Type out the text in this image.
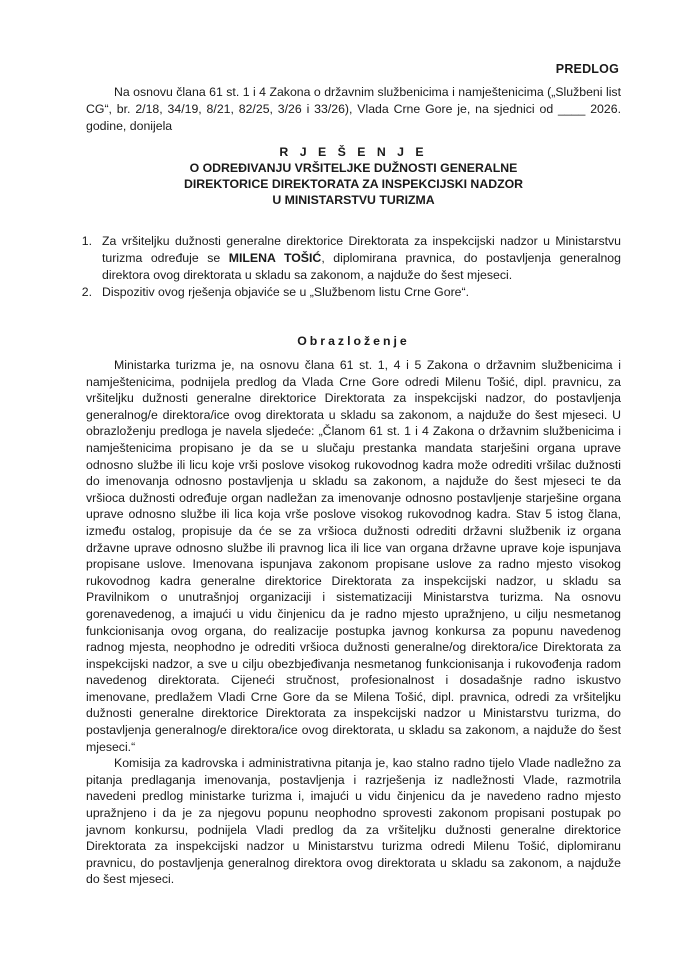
PREDLOG

Na osnovu člana 61 st. 1 i 4 Zakona o državnim službenicima i namještenicima („Službeni list CG“, br. 2/18, 34/19, 8/21, 82/25, 3/26 i 33/26), Vlada Crne Gore je, na sjednici od ____ 2026. godine, donijela

R J E Š E N J E
O ODREĐIVANJU VRŠITELJKE DUŽNOSTI GENERALNE
DIREKTORICE DIREKTORATA ZA INSPEKCIJSKI NADZOR
U MINISTARSTVU TURIZMA
1. Za vršiteljku dužnosti generalne direktorice Direktorata za inspekcijski nadzor u Ministarstvu turizma određuje se MILENA TOŠIĆ, diplomirana pravnica, do postavljenja generalnog direktora ovog direktorata u skladu sa zakonom, a najduže do šest mjeseci.
2. Dispozitiv ovog rješenja objaviće se u „Službenom listu Crne Gore“.
Obrazloženje

Ministarka turizma je, na osnovu člana 61 st. 1, 4 i 5 Zakona o državnim službenicima i namještenicima, podnijela predlog da Vlada Crne Gore odredi Milenu Tošić, dipl. pravnicu, za vršiteljku dužnosti generalne direktorice Direktorata za inspekcijski nadzor, do postavljenja generalnog/e direktora/ice ovog direktorata u skladu sa zakonom, a najduže do šest mjeseci. U obrazloženju predloga je navela sljedeće: „Članom 61 st. 1 i 4 Zakona o državnim službenicima i namještenicima propisano je da se u slučaju prestanka mandata starješini organa uprave odnosno službe ili licu koje vrši poslove visokog rukovodnog kadra može odrediti vršilac dužnosti do imenovanja odnosno postavljenja u skladu sa zakonom, a najduže do šest mjeseci te da vršioca dužnosti određuje organ nadležan za imenovanje odnosno postavljenje starješine organa uprave odnosno službe ili lica koja vrše poslove visokog rukovodnog kadra. Stav 5 istog člana, između ostalog, propisuje da će se za vršioca dužnosti odrediti državni službenik iz organa državne uprave odnosno službe ili pravnog lica ili lice van organa državne uprave koje ispunjava propisane uslove. Imenovana ispunjava zakonom propisane uslove za radno mjesto visokog rukovodnog kadra generalne direktorice Direktorata za inspekcijski nadzor, u skladu sa Pravilnikom o unutrašnjoj organizaciji i sistematizaciji Ministarstva turizma. Na osnovu gorenavedenog, a imajući u vidu činjenicu da je radno mjesto upražnjeno, u cilju nesmetanog funkcionisanja ovog organa, do realizacije postupka javnog konkursa za popunu navedenog radnog mjesta, neophodno je odrediti vršioca dužnosti generalne/og direktora/ice Direktorata za inspekcijski nadzor, a sve u cilju obezbjeđivanja nesmetanog funkcionisanja i rukovođenja radom navedenog direktorata. Cijeneći stručnost, profesionalnost i dosadašnje radno iskustvo imenovane, predlažem Vladi Crne Gore da se Milena Tošić, dipl. pravnica, odredi za vršiteljku dužnosti generalne direktorice Direktorata za inspekcijski nadzor u Ministarstvu turizma, do postavljenja generalnog/e direktora/ice ovog direktorata, u skladu sa zakonom, a najduže do šest mjeseci.“

Komisija za kadrovska i administrativna pitanja je, kao stalno radno tijelo Vlade nadležno za pitanja predlaganja imenovanja, postavljenja i razrješenja iz nadležnosti Vlade, razmotrila navedeni predlog ministarke turizma i, imajući u vidu činjenicu da je navedeno radno mjesto upražnjeno i da je za njegovu popunu neophodno sprovesti zakonom propisani postupak po javnom konkursu, podnijela Vladi predlog da za vršiteljku dužnosti generalne direktorice Direktorata za inspekcijski nadzor u Ministarstvu turizma odredi Milenu Tošić, diplomiranu pravnicu, do postavljenja generalnog direktora ovog direktorata u skladu sa zakonom, a najduže do šest mjeseci.
